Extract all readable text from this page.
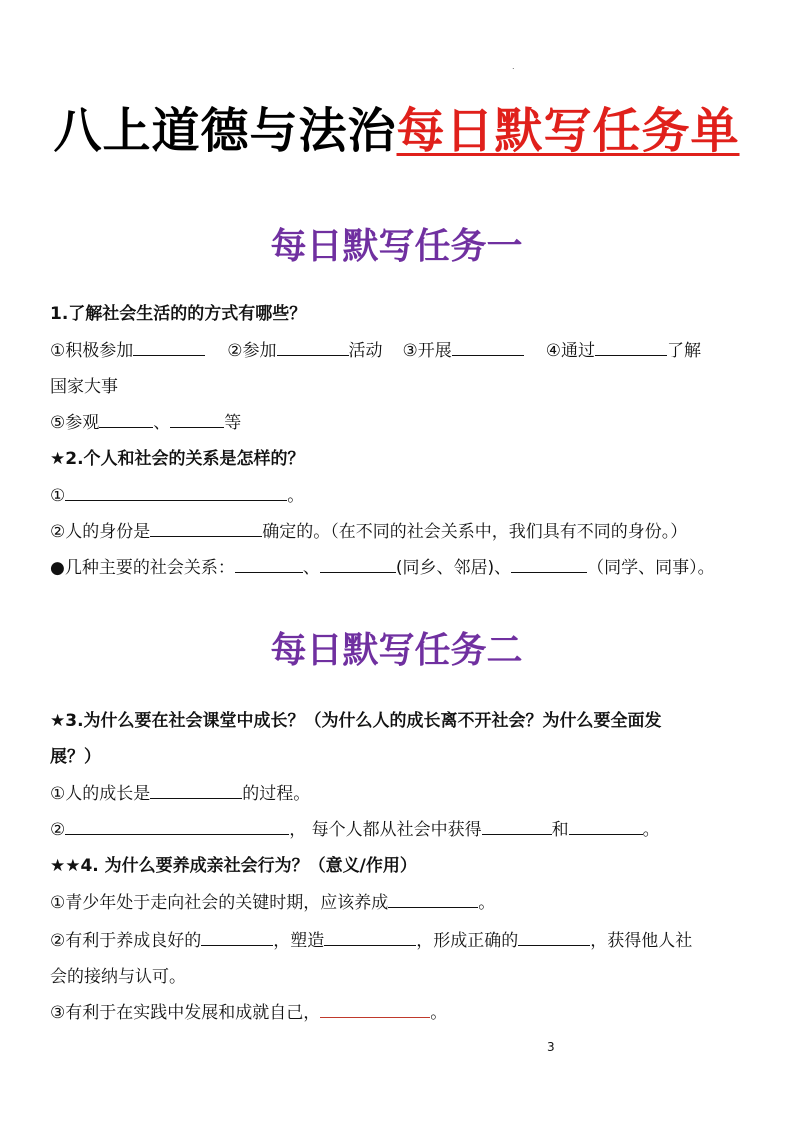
.
八上道德与法治每日默写任务单
每日默写任务一
1.了解社会生活的的方式有哪些？
①积极参加	②参加	活动 ③开展	④通过	了解
国家大事
⑤参观	、	等
★2.个人和社会的关系是怎样的？
①	。
②人的身份是	确定的。（在不同的社会关系中，我们具有不同的身份。）
●几种主要的社会关系：	、	(同乡、邻居)、	（同学、同事）。
每日默写任务二
★3.为什么要在社会课堂中成长？（为什么人的成长离不开社会？为什么要全面发
展？）
①人的成长是	的过程。
②	， 每个人都从社会中获得	和	。
★★4. 为什么要养成亲社会行为？（意义/作用）
①青少年处于走向社会的关键时期，应该养成	。
②有利于养成良好的	，塑造	，形成正确的	，获得他人社
会的接纳与认可。
③有利于在实践中发展和成就自己，	。
3
